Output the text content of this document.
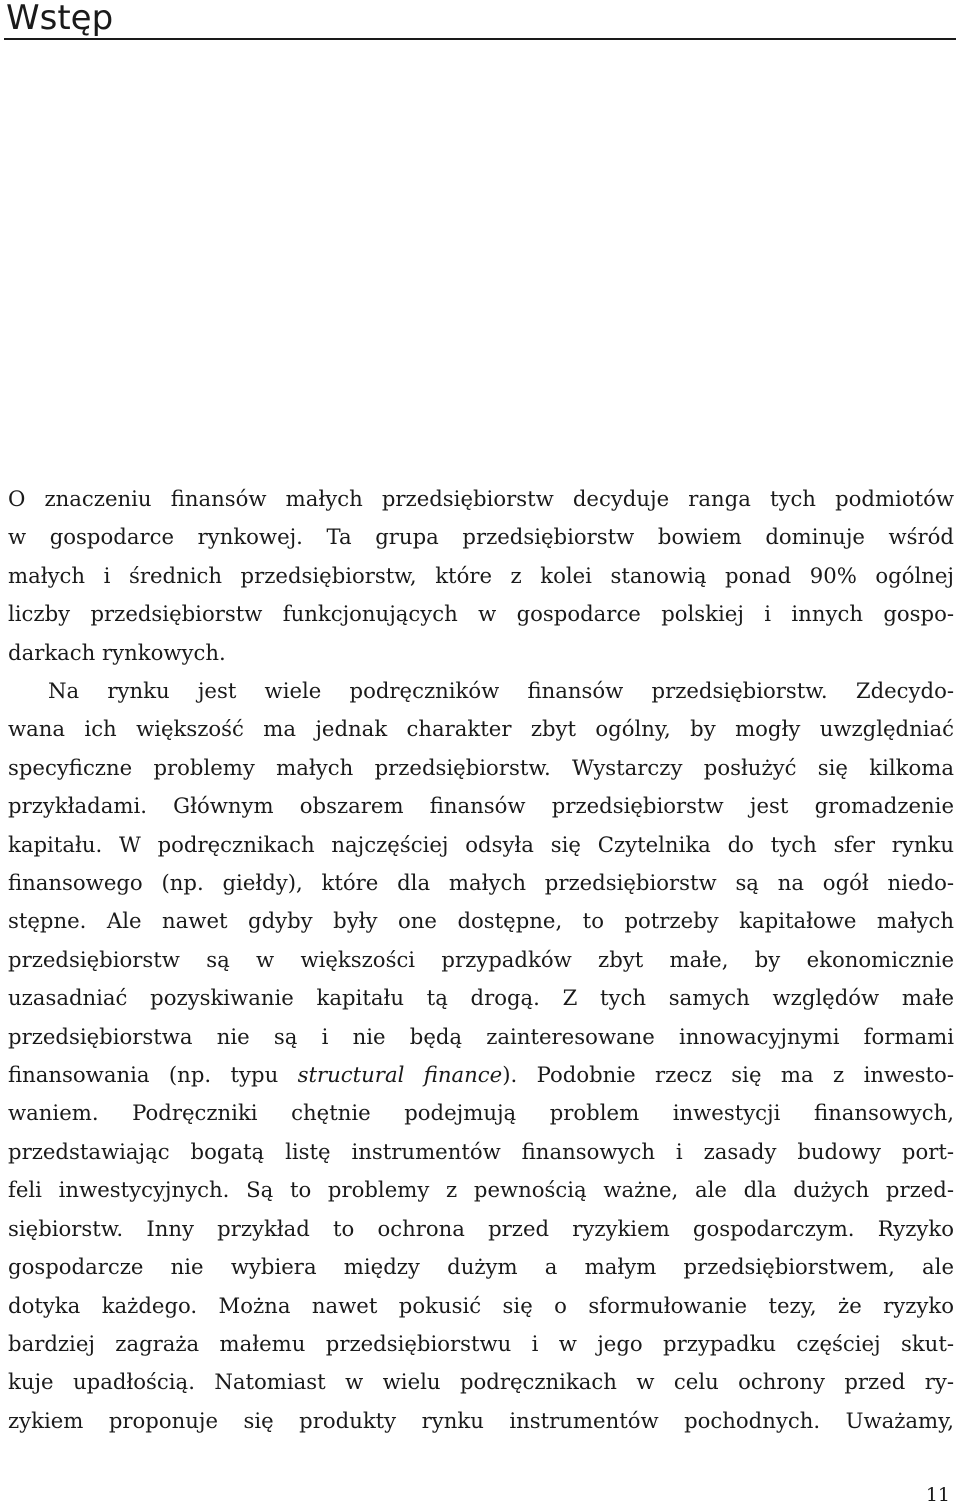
Wstęp
O znaczeniu finansów małych przedsiębiorstw decyduje ranga tych podmiotów
w gospodarce rynkowej. Ta grupa przedsiębiorstw bowiem dominuje wśród
małych i średnich przedsiębiorstw, które z kolei stanowią ponad 90% ogólnej
liczby przedsiębiorstw funkcjonujących w gospodarce polskiej i innych gospo-
darkach rynkowych.
Na rynku jest wiele podręczników finansów przedsiębiorstw. Zdecydo-
wana ich większość ma jednak charakter zbyt ogólny, by mogły uwzględniać
specyficzne problemy małych przedsiębiorstw. Wystarczy posłużyć się kilkoma
przykładami. Głównym obszarem finansów przedsiębiorstw jest gromadzenie
kapitału. W podręcznikach najczęściej odsyła się Czytelnika do tych sfer rynku
finansowego (np. giełdy), które dla małych przedsiębiorstw są na ogół niedo-
stępne. Ale nawet gdyby były one dostępne, to potrzeby kapitałowe małych
przedsiębiorstw są w większości przypadków zbyt małe, by ekonomicznie
uzasadniać pozyskiwanie kapitału tą drogą. Z tych samych względów małe
przedsiębiorstwa nie są i nie będą zainteresowane innowacyjnymi formami
finansowania (np. typu structural finance). Podobnie rzecz się ma z inwesto-
waniem. Podręczniki chętnie podejmują problem inwestycji finansowych,
przedstawiając bogatą listę instrumentów finansowych i zasady budowy port-
feli inwestycyjnych. Są to problemy z pewnością ważne, ale dla dużych przed-
siębiorstw. Inny przykład to ochrona przed ryzykiem gospodarczym. Ryzyko
gospodarcze nie wybiera między dużym a małym przedsiębiorstwem, ale
dotyka każdego. Można nawet pokusić się o sformułowanie tezy, że ryzyko
bardziej zagraża małemu przedsiębiorstwu i w jego przypadku częściej skut-
kuje upadłością. Natomiast w wielu podręcznikach w celu ochrony przed ry-
zykiem proponuje się produkty rynku instrumentów pochodnych. Uważamy,
11
